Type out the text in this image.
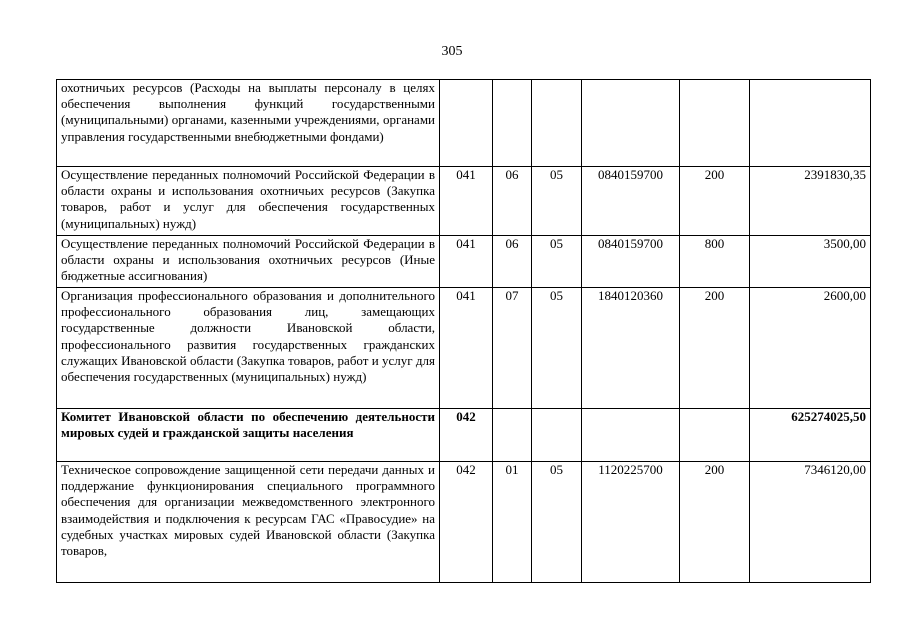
305
охотничьих ресурсов (Расходы на выплаты персоналу в целях обеспечения выполнения функций государственными (муниципальными) органами, казенными учреждениями, органами управления государственными внебюджетными фондами)						
Осуществление переданных полномочий Российской Федерации в области охраны и использования охотничьих ресурсов (Закупка товаров, работ и услуг для обеспечения государственных (муниципальных) нужд)	041	06	05	0840159700	200	2391830,35
Осуществление переданных полномочий Российской Федерации в области охраны и использования охотничьих ресурсов (Иные бюджетные ассигнования)	041	06	05	0840159700	800	3500,00
Организация профессионального образования и дополнительного профессионального образования лиц, замещающих государственные должности Ивановской области, профессионального развития государственных гражданских служащих Ивановской области (Закупка товаров, работ и услуг для обеспечения государственных (муниципальных) нужд)	041	07	05	1840120360	200	2600,00
Комитет Ивановской области по обеспечению деятельности мировых судей и гражданской защиты населения	042					625274025,50
Техническое сопровождение защищенной сети передачи данных и поддержание функционирования специального программного обеспечения для организации межведомственного электронного взаимодействия и подключения к ресурсам ГАС «Правосудие» на судебных участках мировых судей Ивановской области (Закупка товаров,	042	01	05	1120225700	200	7346120,00
